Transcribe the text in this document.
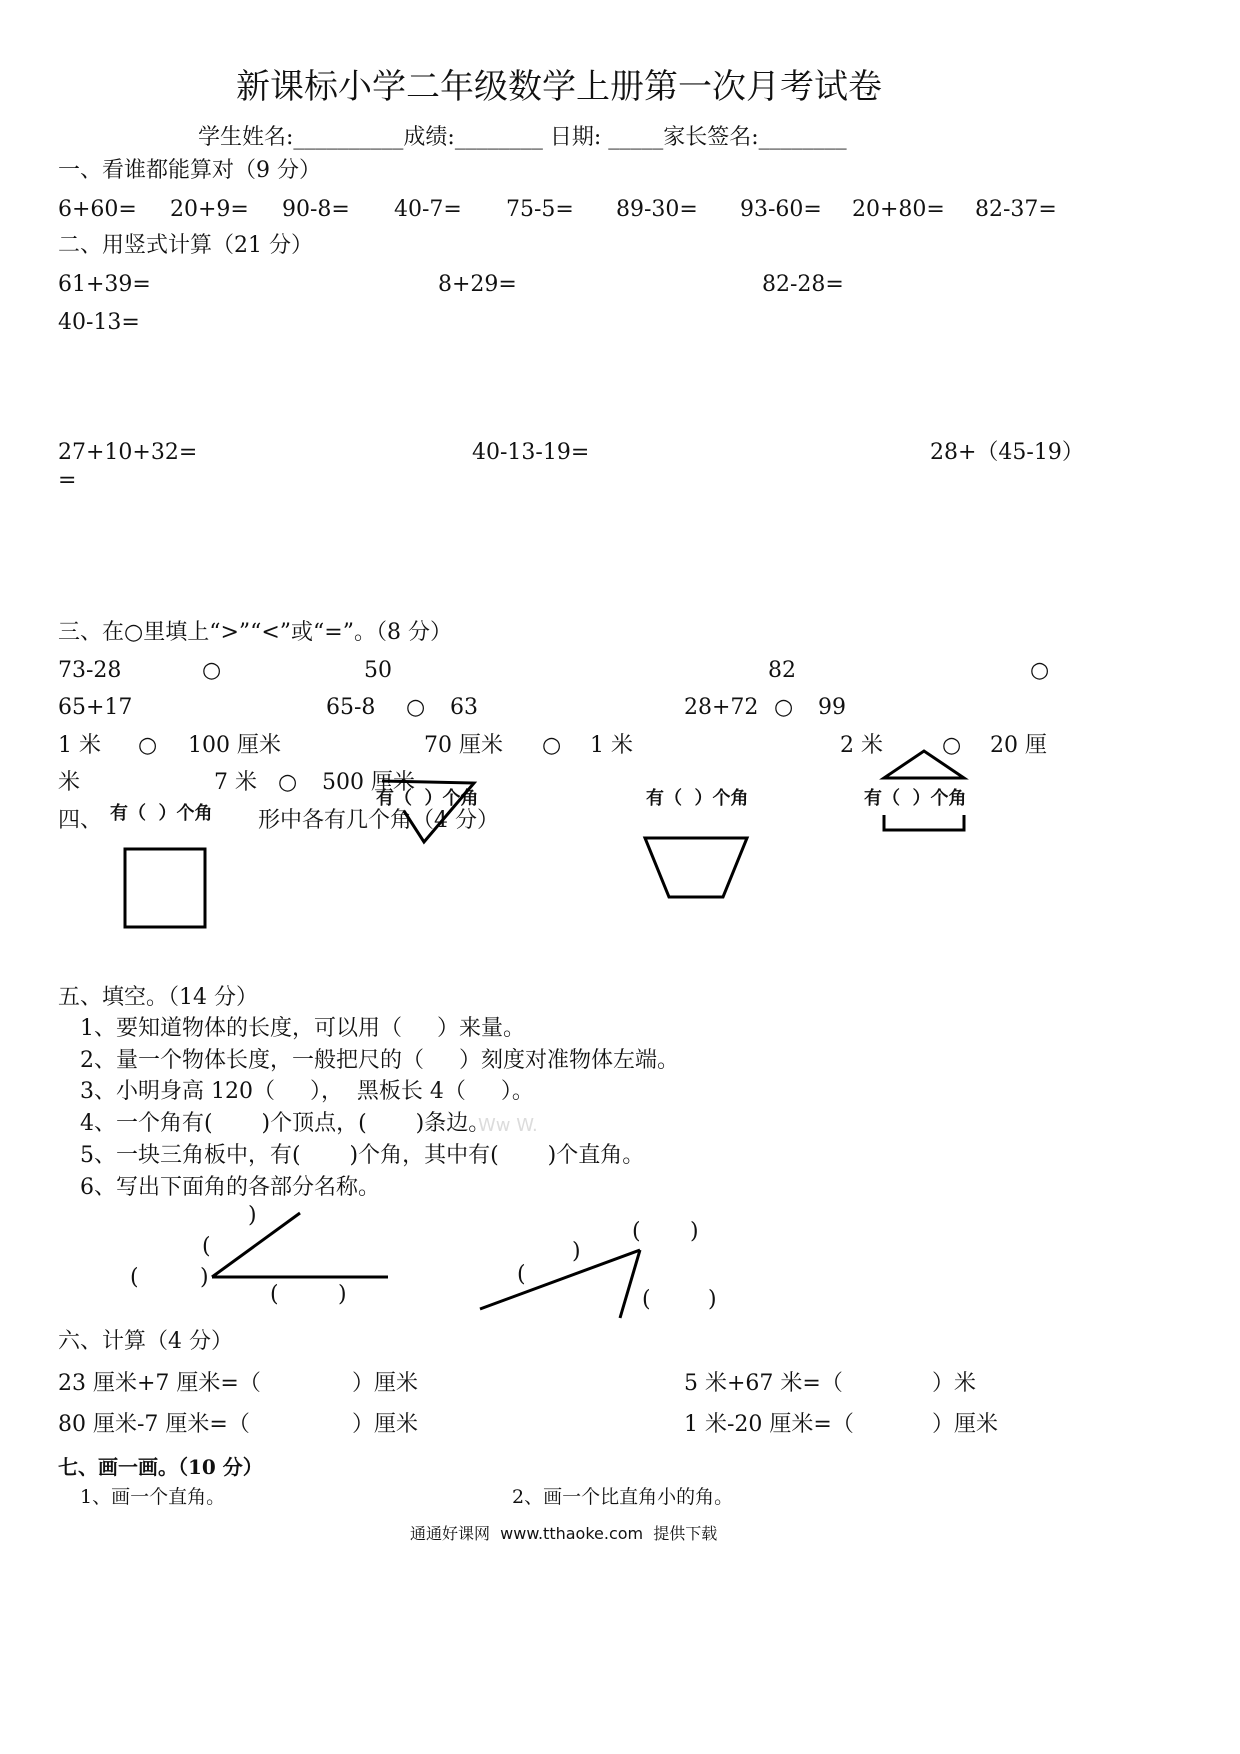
新课标小学二年级数学上册第一次月考试卷
学生姓名:__________成绩:________ 日期: _____家长签名:________
一、看谁都能算对（9 分）
6+60= 20+9= 90-8= 40-7= 75-5= 89-30= 93-60= 20+80= 82-37=
二、用竖式计算（21 分）
61+39=	8+29=	82-28=
40-13=
27+10+32=	40-13-19=	28+（45-19）
=
三、在○里填上“>”“<”或“=”。（8 分）
73-28	○	50	82	○
65+17	65-8 ○ 63	28+72 ○ 99
1 米 ○ 100 厘米	70 厘米 ○ 1 米	2 米	○ 20 厘
米	7 米 ○ 500 厘米
四、	形中各有几个角（4 分）
有（  ）个角
有（  ）个角	有（  ）个角	有（  ）个角
五、填空。（14 分）
1、要知道物体的长度，可以用（     ）来量。
2、量一个物体长度，一般把尺的（     ）刻度对准物体左端。
3、小明身高 120（     ），  黑板长 4（     ）。
4、一个角有(       )个顶点，(       )条边。
Ww W.
5、一块三角板中，有(       )个角，其中有(       )个直角。
6、写出下面角的各部分名称。
)
(
(	)
(	)
( )
)
(
(	)
六、计算（4 分）
23 厘米+7 厘米=（	）厘米	5 米+67 米=（	）米
80 厘米-7 厘米=（	）厘米	1 米-20 厘米=（	）厘米
七、画一画。（10 分）
1、画一个直角。	2、画一个比直角小的角。
通通好课网  www.tthaoke.com  提供下载
